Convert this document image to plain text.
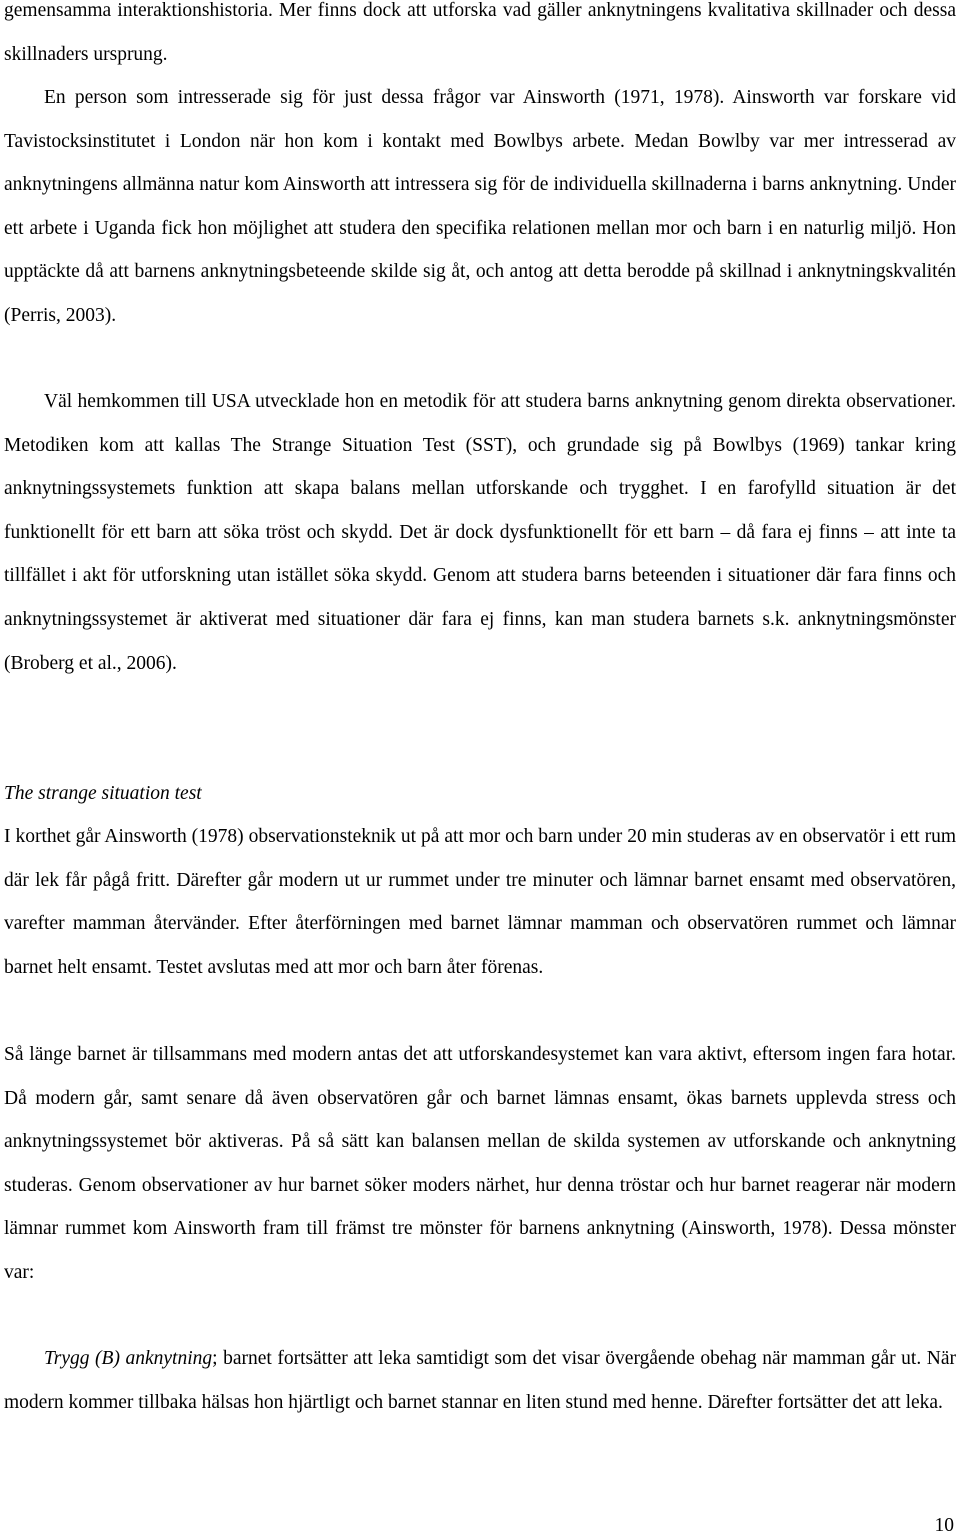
gemensamma interaktionshistoria. Mer finns dock att utforska vad gäller anknytningens kvalitativa skillnader och dessa skillnaders ursprung.

En person som intresserade sig för just dessa frågor var Ainsworth (1971, 1978). Ainsworth var forskare vid Tavistocksinstitutet i London när hon kom i kontakt med Bowlbys arbete. Medan Bowlby var mer intresserad av anknytningens allmänna natur kom Ainsworth att intressera sig för de individuella skillnaderna i barns anknytning. Under ett arbete i Uganda fick hon möjlighet att studera den specifika relationen mellan mor och barn i en naturlig miljö. Hon upptäckte då att barnens anknytningsbeteende skilde sig åt, och antog att detta berodde på skillnad i anknytningskvalitén (Perris, 2003).

Väl hemkommen till USA utvecklade hon en metodik för att studera barns anknytning genom direkta observationer. Metodiken kom att kallas The Strange Situation Test (SST), och grundade sig på Bowlbys (1969) tankar kring anknytningssystemets funktion att skapa balans mellan utforskande och trygghet. I en farofylld situation är det funktionellt för ett barn att söka tröst och skydd. Det är dock dysfunktionellt för ett barn – då fara ej finns – att inte ta tillfället i akt för utforskning utan istället söka skydd. Genom att studera barns beteenden i situationer där fara finns och anknytningssystemet är aktiverat med situationer där fara ej finns, kan man studera barnets s.k. anknytningsmönster (Broberg et al., 2006).

The strange situation test

I korthet går Ainsworth (1978) observationsteknik ut på att mor och barn under 20 min studeras av en observatör i ett rum där lek får pågå fritt. Därefter går modern ut ur rummet under tre minuter och lämnar barnet ensamt med observatören, varefter mamman återvänder. Efter återförningen med barnet lämnar mamman och observatören rummet och lämnar barnet helt ensamt. Testet avslutas med att mor och barn åter förenas.

Så länge barnet är tillsammans med modern antas det att utforskandesystemet kan vara aktivt, eftersom ingen fara hotar. Då modern går, samt senare då även observatören går och barnet lämnas ensamt, ökas barnets upplevda stress och anknytningssystemet bör aktiveras. På så sätt kan balansen mellan de skilda systemen av utforskande och anknytning studeras. Genom observationer av hur barnet söker moders närhet, hur denna tröstar och hur barnet reagerar när modern lämnar rummet kom Ainsworth fram till främst tre mönster för barnens anknytning (Ainsworth, 1978). Dessa mönster var:

Trygg (B) anknytning; barnet fortsätter att leka samtidigt som det visar övergående obehag när mamman går ut. När modern kommer tillbaka hälsas hon hjärtligt och barnet stannar en liten stund med henne. Därefter fortsätter det att leka.

10
